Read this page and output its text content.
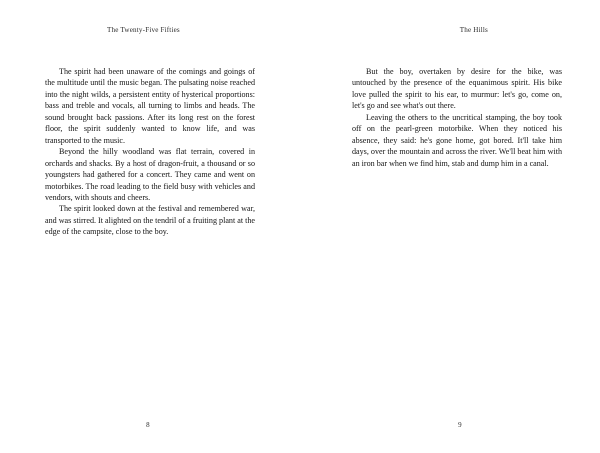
The Twenty-Five Fifties

The spirit had been unaware of the comings and goings of the multitude until the music began. The pulsating noise reached into the night wilds, a persistent entity of hysterical proportions: bass and treble and vocals, all turning to limbs and heads. The sound brought back passions. After its long rest on the forest floor, the spirit suddenly wanted to know life, and was transported to the music.

Beyond the hilly woodland was flat terrain, covered in orchards and shacks. By a host of dragon-fruit, a thousand or so youngsters had gathered for a concert. They came and went on motorbikes. The road leading to the field busy with vehicles and vendors, with shouts and cheers.

The spirit looked down at the festival and remembered war, and was stirred. It alighted on the tendril of a fruiting plant at the edge of the campsite, close to the boy.

8
The Hills

But the boy, overtaken by desire for the bike, was untouched by the presence of the equanimous spirit. His bike love pulled the spirit to his ear, to murmur: let's go, come on, let's go and see what's out there.

Leaving the others to the uncritical stamping, the boy took off on the pearl-green motorbike. When they noticed his absence, they said: he's gone home, got bored. It'll take him days, over the mountain and across the river. We'll beat him with an iron bar when we find him, stab and dump him in a canal.

9
